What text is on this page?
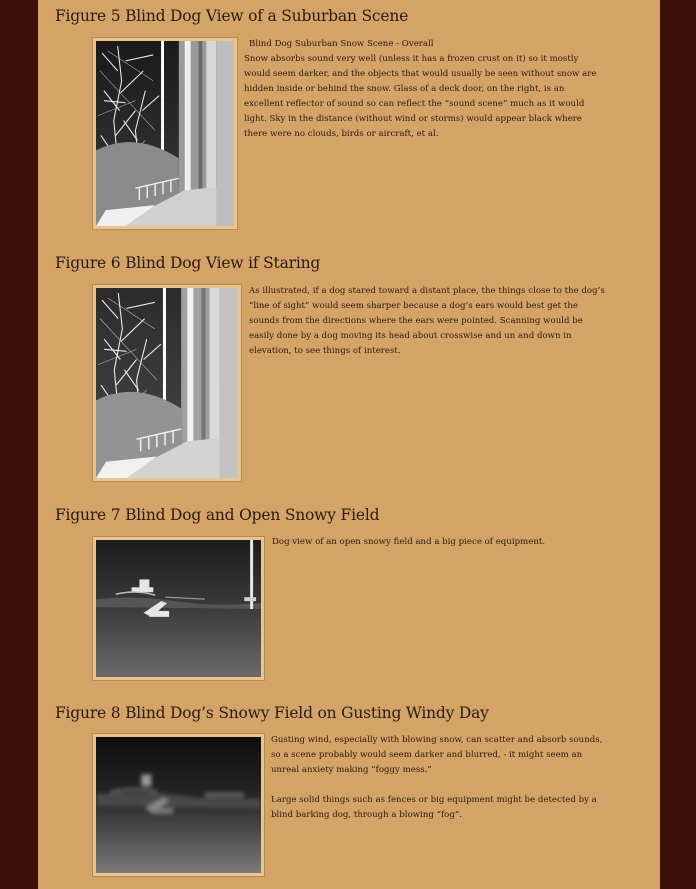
Figure 5 Blind Dog View of a Suburban Scene

Blind Dog Suburban Snow Scene - Overall

Snow absorbs sound very well (unless it has a frozen crust on it) so it mostly would seem darker, and the objects that would usually be seen without snow are hidden inside or behind the snow. Glass of a deck door, on the right, is an excellent reflector of sound so can reflect the “sound scene” much as it would light. Sky in the distance (without wind or storms) would appear black where there were no clouds, birds or aircraft, et al.

Figure 6 Blind Dog View if Staring

As illustrated, if a dog stared toward a distant place, the things close to the dog’s “line of sight” would seem sharper because a dog’s ears would best get the sounds from the directions where the ears were pointed. Scanning would be easily done by a dog moving its head about crosswise and un and down in elevation, to see things of interest.

Figure 7 Blind Dog and Open Snowy Field

Dog view of an open snowy field and a big piece of equipment.

Figure 8 Blind Dog’s Snowy Field on Gusting Windy Day

Gusting wind, especially with blowing snow, can scatter and absorb sounds, so a scene probably would seem darker and blurred, - it might seem an unreal anxiety making “foggy mess.”

Large solid things such as fences or big equipment might be detected by a blind barking dog, through a blowing “fog”.
